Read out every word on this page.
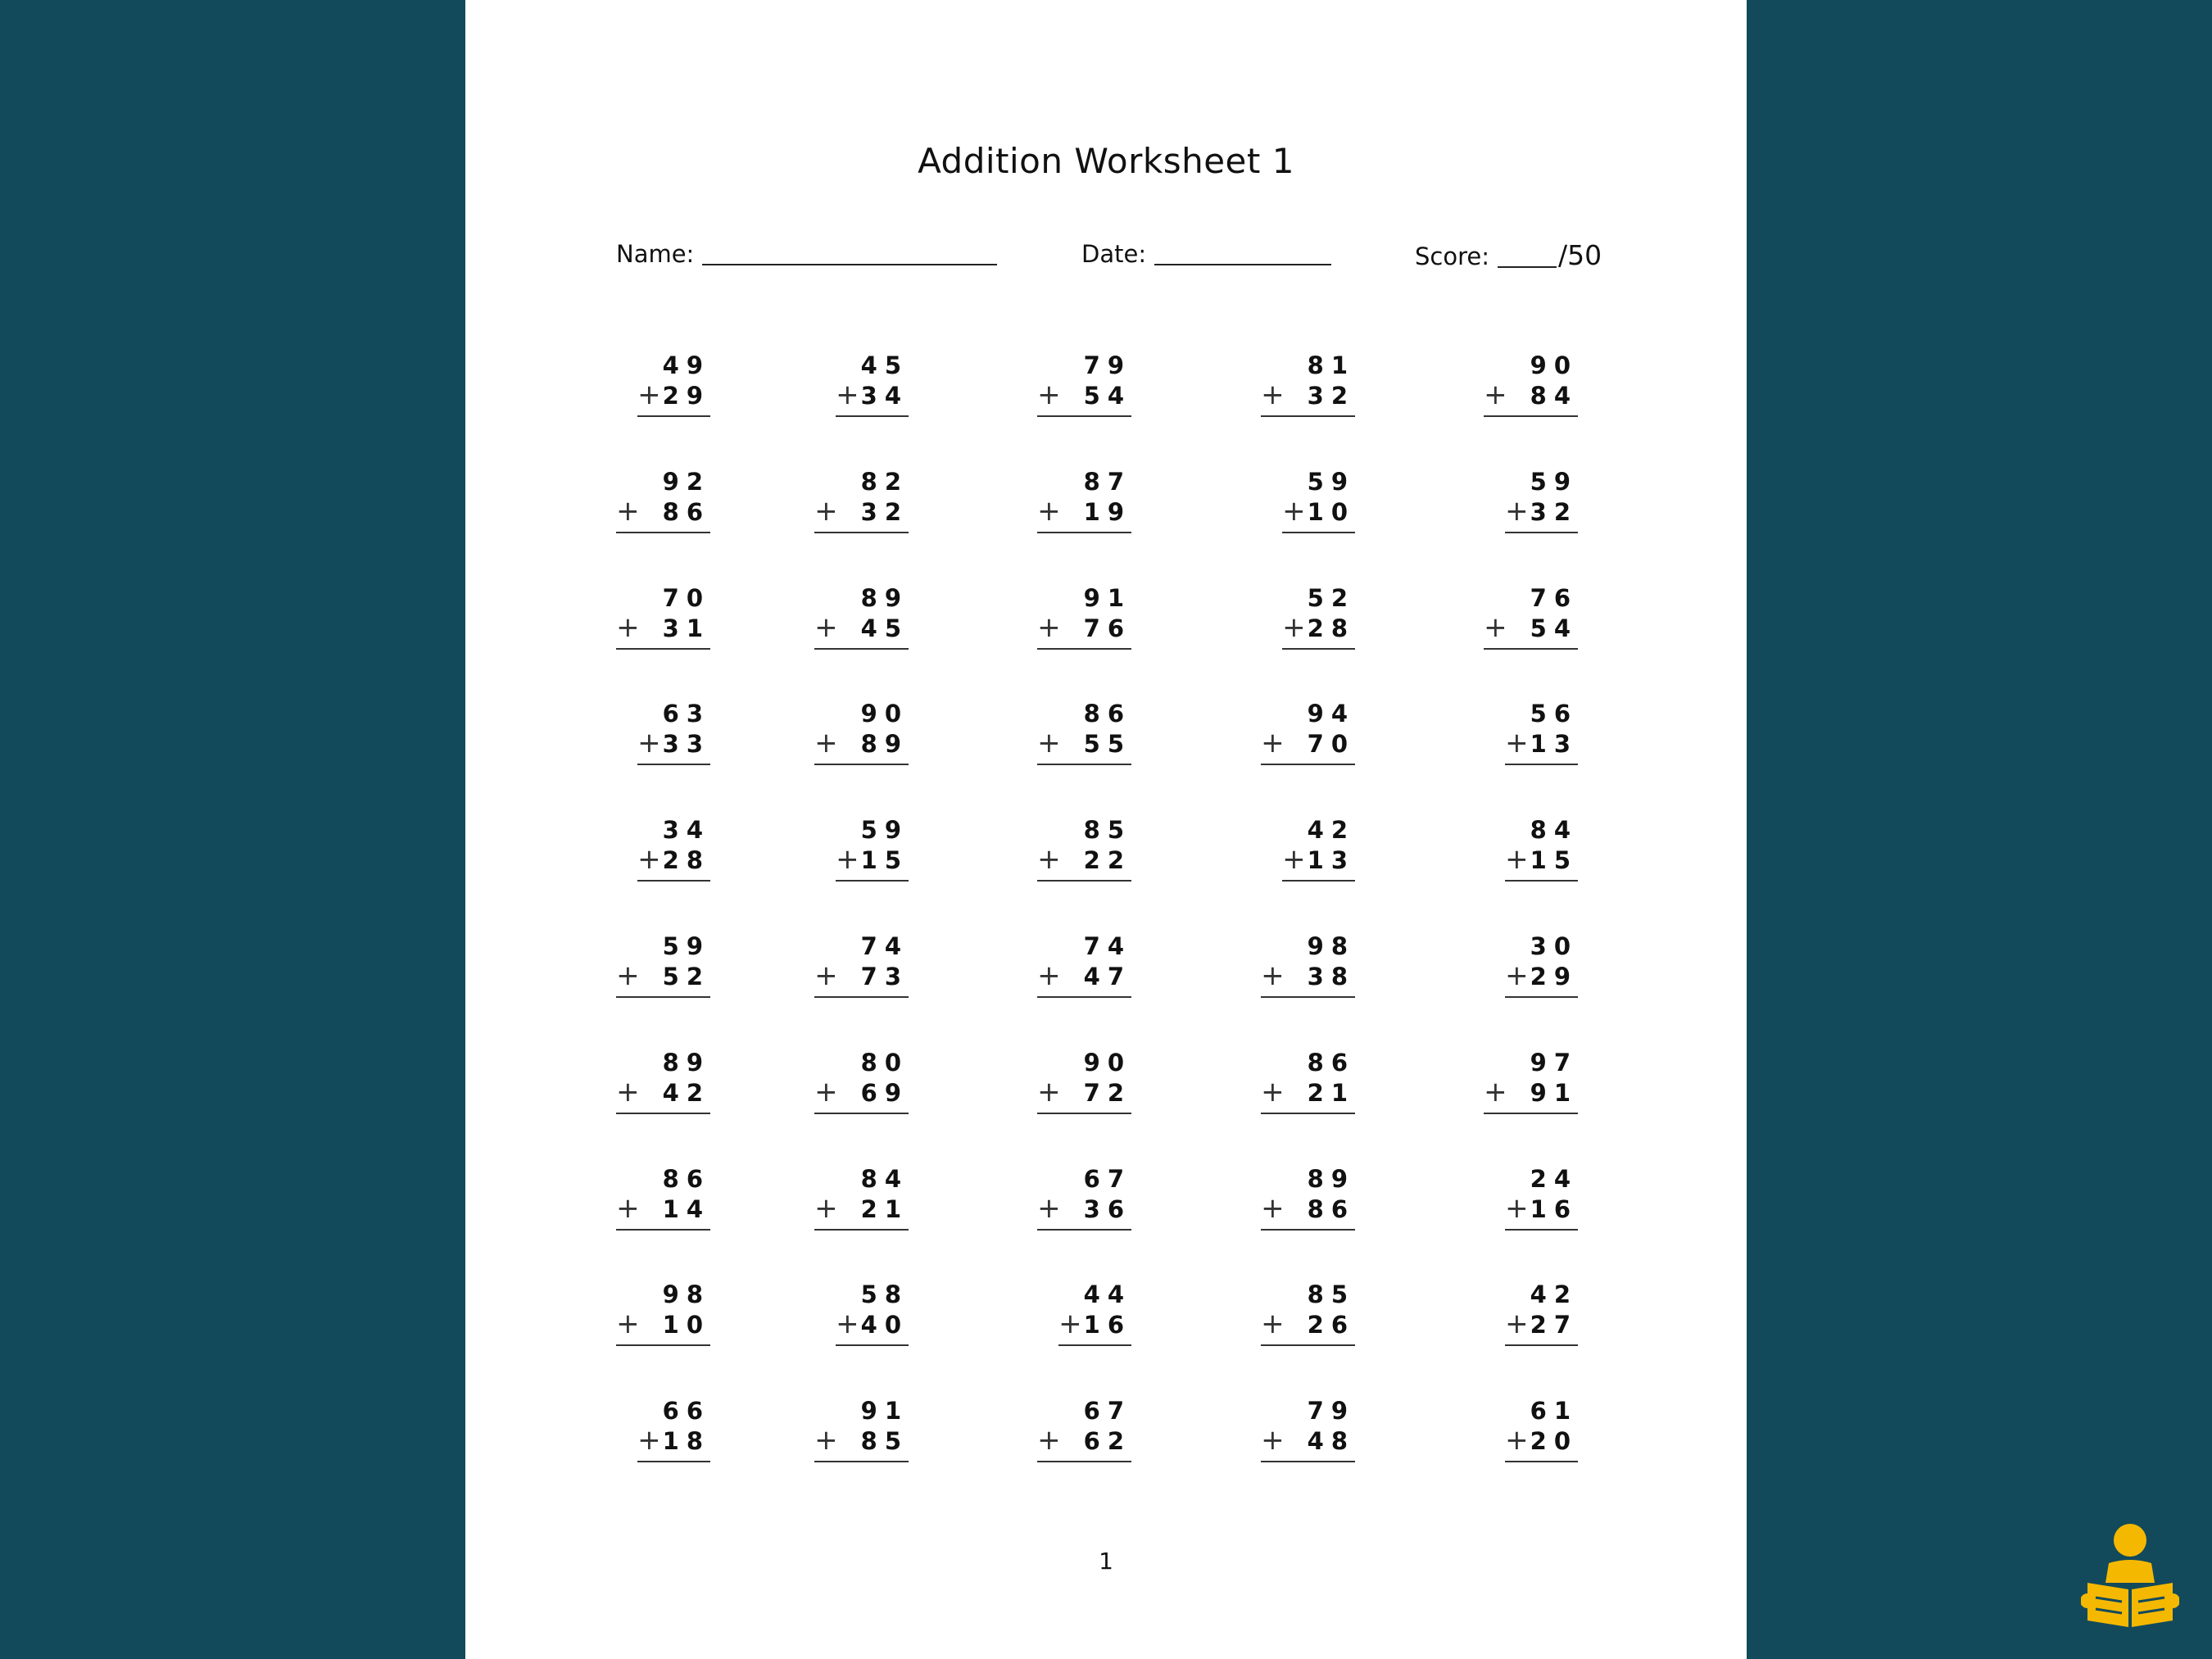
Addition Worksheet 1
Name:	Date:	Score:	/50
49
+29
45
+34
79
+ 54
81
+ 32
90
+ 84
92
+ 86
82
+ 32
87
+ 19
59
+10
59
+32
70
+ 31
89
+ 45
91
+ 76
52
+28
76
+ 54
63
+33
90
+ 89
86
+ 55
94
+ 70
56
+13
34
+28
59
+15
85
+ 22
42
+13
84
+15
59
+ 52
74
+ 73
74
+ 47
98
+ 38
30
+29
89
+ 42
80
+ 69
90
+ 72
86
+ 21
97
+ 91
86
+ 14
84
+ 21
67
+ 36
89
+ 86
24
+16
98
+ 10
58
+40
44
+16
85
+ 26
42
+27
66
+18
91
+ 85
67
+ 62
79
+ 48
61
+20
1
